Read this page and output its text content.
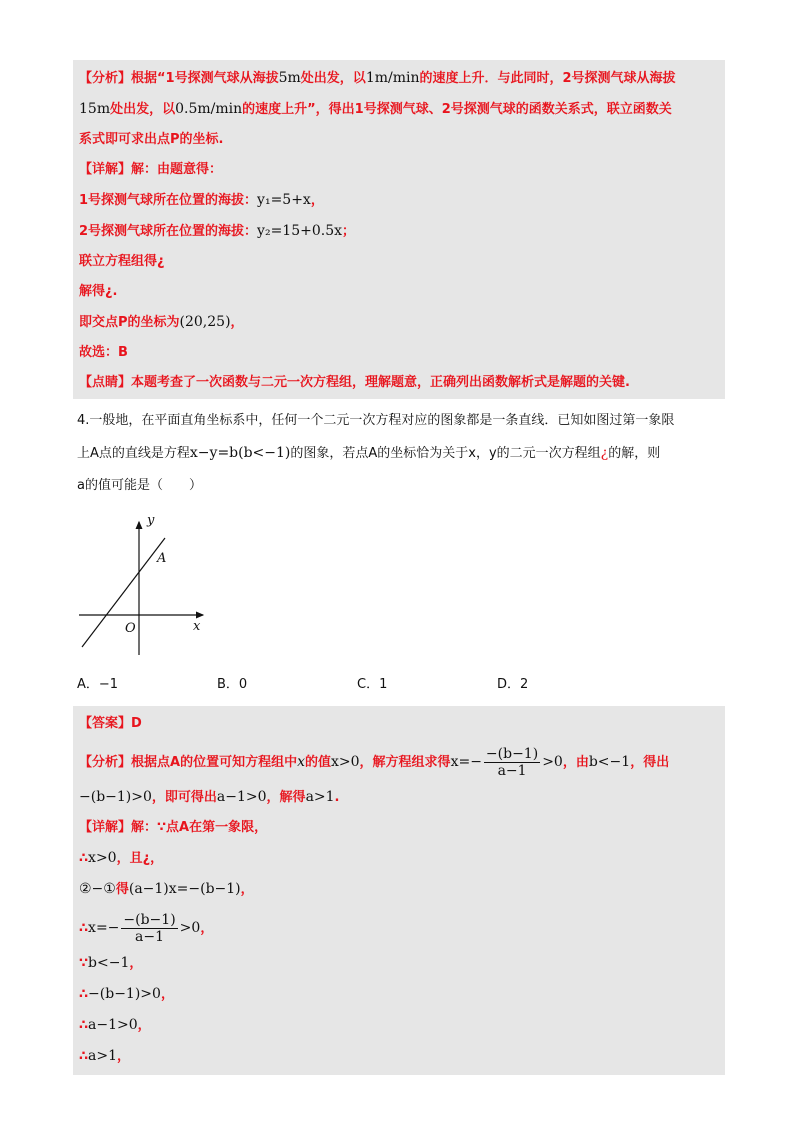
【分析】根据“1号探测气球从海拔5m处出发，以1m/min的速度上升．与此同时，2号探测气球从海拔
15m处出发，以0.5m/min的速度上升”，得出1号探测气球、2号探测气球的函数关系式，联立函数关
系式即可求出点P的坐标.
【详解】解：由题意得：
1号探测气球所在位置的海拔：y₁=5+x，
2号探测气球所在位置的海拔：y₂=15+0.5x；
联立方程组得¿
解得¿.
即交点P的坐标为(20,25)，
故选：B
【点睛】本题考查了一次函数与二元一次方程组，理解题意，正确列出函数解析式是解题的关键.
4.一般地，在平面直角坐标系中，任何一个二元一次方程对应的图象都是一条直线．已知如图过第一象限
上A点的直线是方程x−y=b(b<−1)的图象，若点A的坐标恰为关于x，y的二元一次方程组¿的解，则
a的值可能是（　　）
x
y
O
A
A．−1	B．0	C．1	D．2
【答案】D
【分析】根据点A的位置可知方程组中x的值x>0，解方程组求得$x=- \frac{-(b-1)}{a-1} >0$，由b<−1，得出
−(b−1)>0，即可得出a−1>0，解得a>1.
【详解】解：∵点A在第一象限，
∴x>0，且¿，
②−①得(a−1)x=−(b−1)，
∴x=− $\frac{-(b-1)}{a-1} >0$，
∵b<−1，
∴−(b−1)>0，
∴a−1>0，
∴a>1，
